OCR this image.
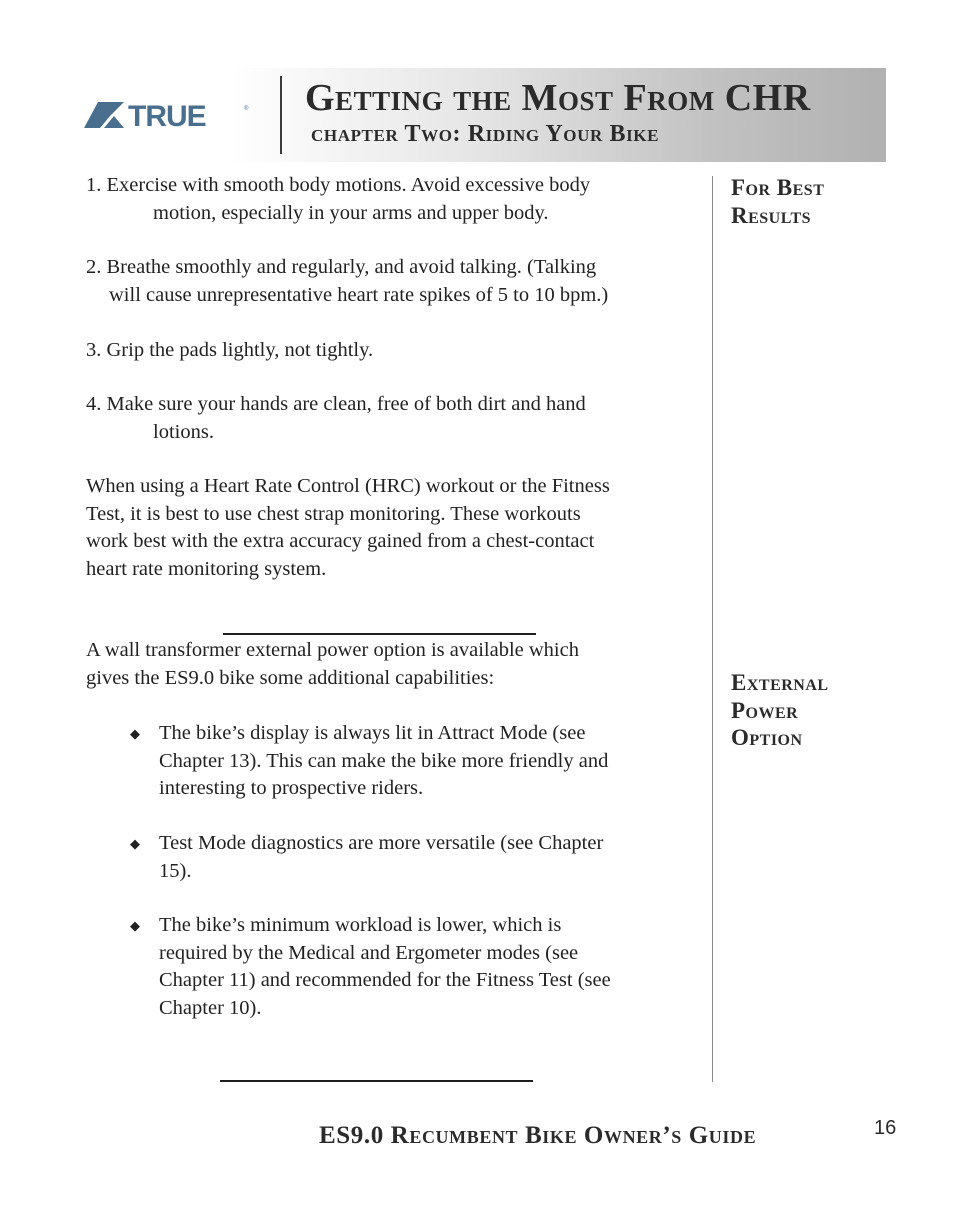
TRUE	® Getting the Most From CHR
chapter Two: Riding Your Bike
For Best
Results
External
Power
Option
1. Exercise with smooth body motions. Avoid excessive body
motion, especially in your arms and upper body.
2. Breathe smoothly and regularly, and avoid talking. (Talking
will cause unrepresentative heart rate spikes of 5 to 10 bpm.)
3. Grip the pads lightly, not tightly.
4. Make sure your hands are clean, free of both dirt and hand
lotions.
When using a Heart Rate Control (HRC) workout or the Fitness
Test, it is best to use chest strap monitoring. These workouts
work best with the extra accuracy gained from a chest-contact
heart rate monitoring system.
A wall transformer external power option is available which
gives the ES9.0 bike some additional capabilities:
◆ The bike’s display is always lit in Attract Mode (see
Chapter 13). This can make the bike more friendly and
interesting to prospective riders.
◆ Test Mode diagnostics are more versatile (see Chapter
15).
◆ The bike’s minimum workload is lower, which is
required by the Medical and Ergometer modes (see
Chapter 11) and recommended for the Fitness Test (see
Chapter 10).
ES9.0 Recumbent Bike Owner’s Guide	16
